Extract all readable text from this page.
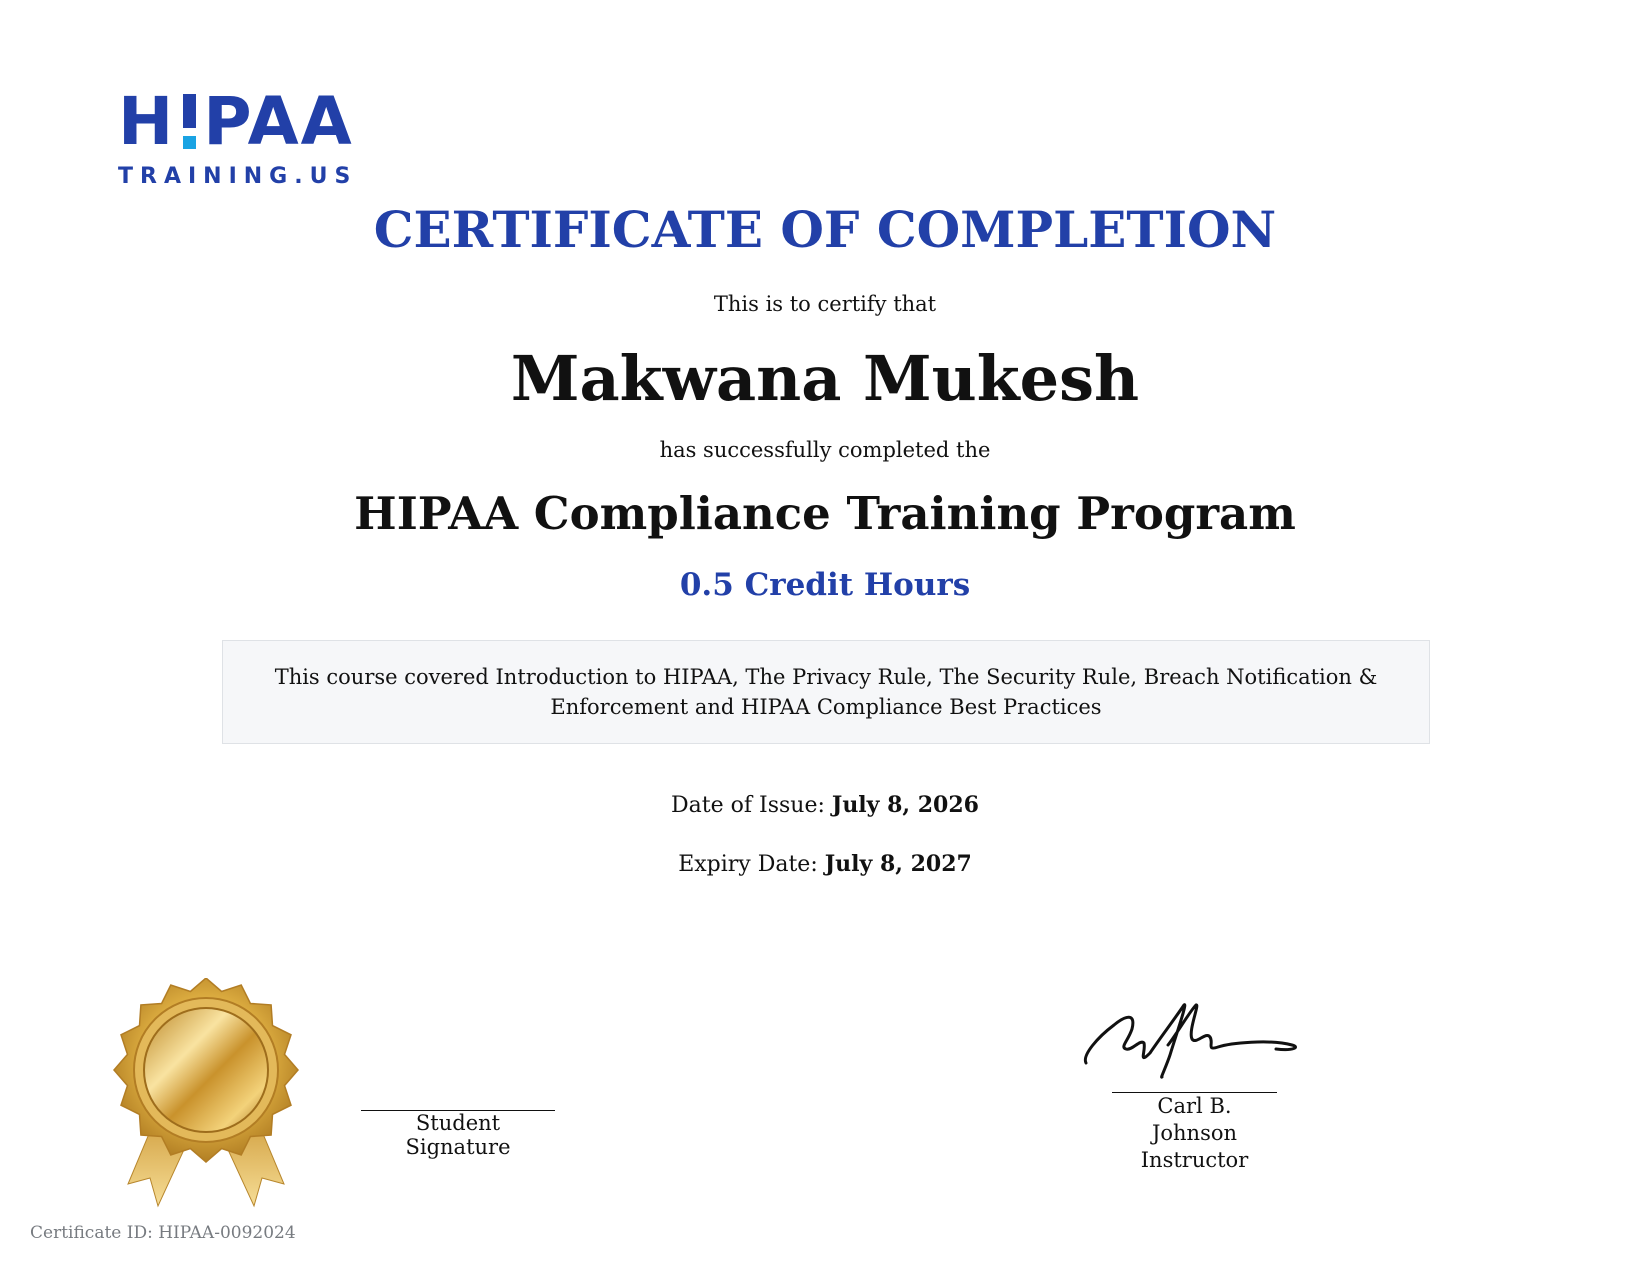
H PAA
TRAINING.US
CERTIFICATE OF COMPLETION
This is to certify that
Makwana Mukesh
has successfully completed the
HIPAA Compliance Training Program
0.5 Credit Hours
This course covered Introduction to HIPAA, The Privacy Rule, The Security Rule, Breach Notification & Enforcement and HIPAA Compliance Best Practices
Date of Issue: July 8, 2026
Expiry Date: July 8, 2027
Student Signature
Carl B. Johnson
Instructor
Certificate ID: HIPAA-0092024
